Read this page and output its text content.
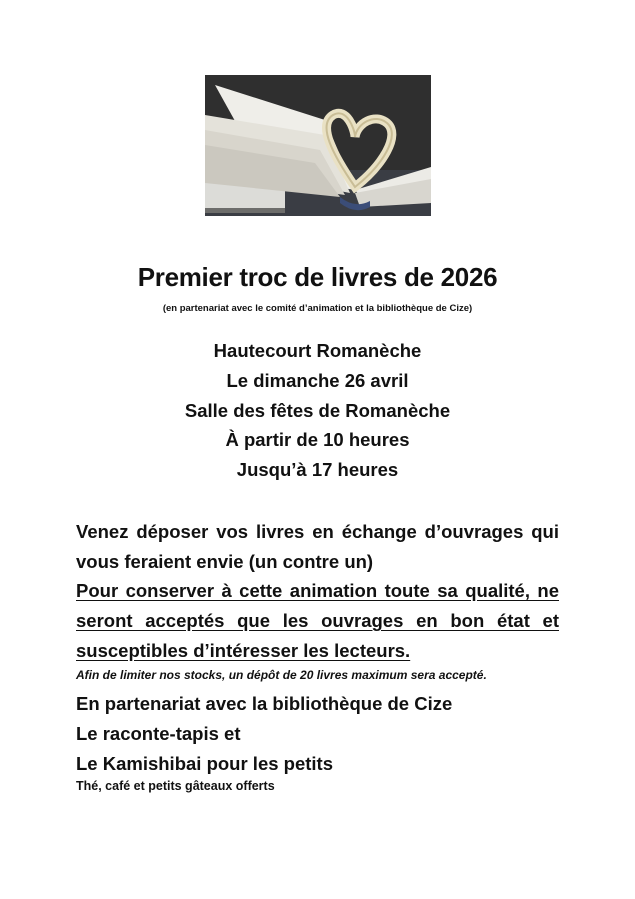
Premier troc de livres de 2026
(en partenariat avec le comité d’animation et la bibliothèque de Cize)
Hautecourt Romanèche
Le dimanche 26 avril
Salle des fêtes de Romanèche
À partir de 10 heures
Jusqu’à 17 heures
Venez déposer vos livres en échange d’ouvrages qui vous feraient envie (un contre un)
Pour conserver à cette animation toute sa qualité, ne seront acceptés que les ouvrages en bon état et susceptibles d’intéresser les lecteurs.
Afin de limiter nos stocks, un dépôt de 20 livres maximum sera accepté.
En partenariat avec la bibliothèque de Cize
Le raconte-tapis et
Le Kamishibai pour les petits
Thé, café et petits gâteaux offerts
